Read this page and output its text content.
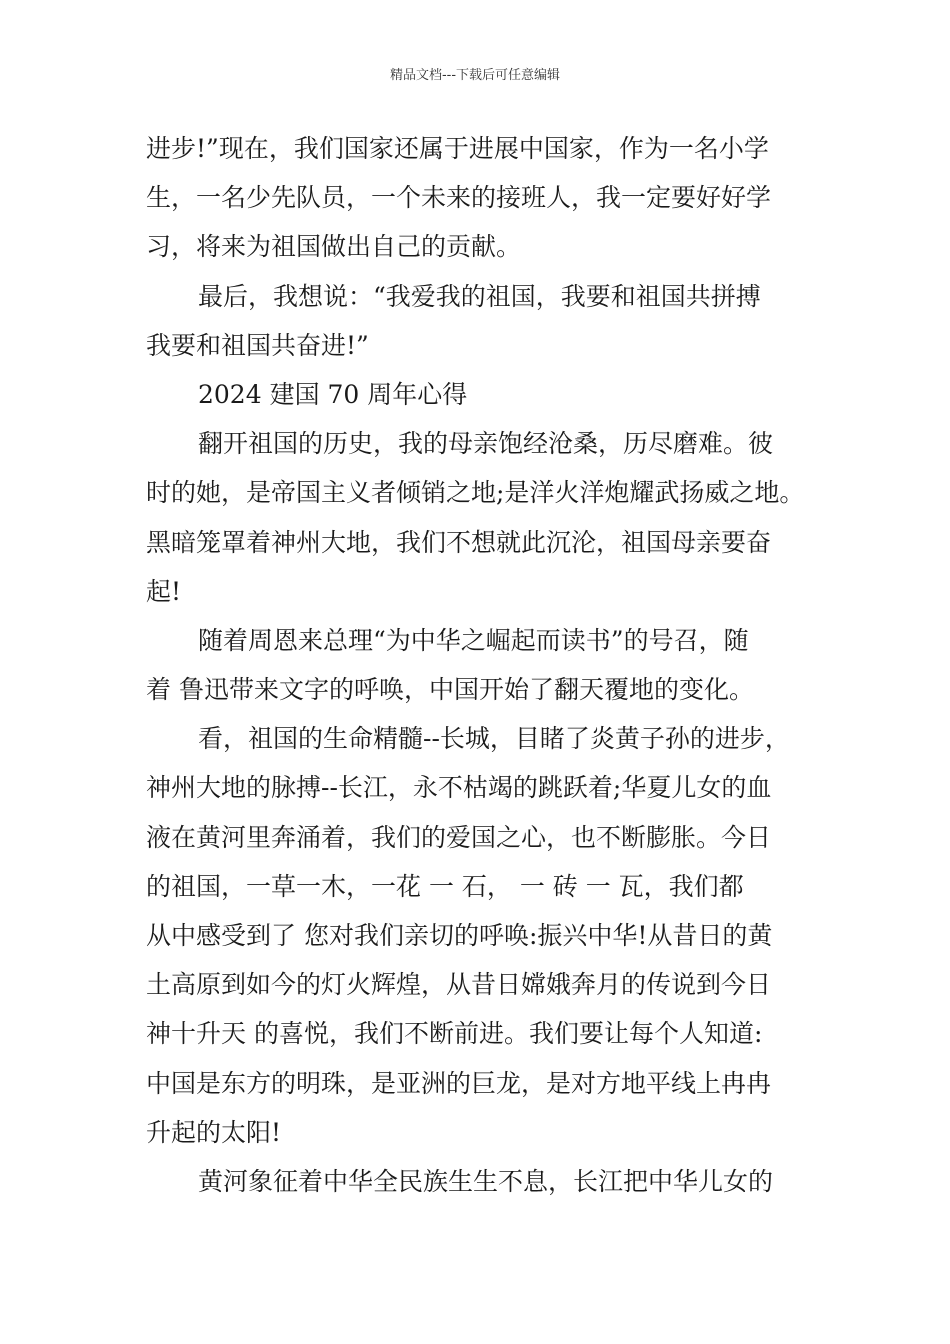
精品文档---下载后可任意编辑
进步!”现在，我们国家还属于进展中国家，作为一名小学
生，一名少先队员，一个未来的接班人，我一定要好好学
习，将来为祖国做出自己的贡献。
最后，我想说：“我爱我的祖国，我要和祖国共拼搏
我要和祖国共奋进!”
2024 建国 70 周年心得
翻开祖国的历史，我的母亲饱经沧桑，历尽磨难。彼
时的她，是帝国主义者倾销之地;是洋火洋炮耀武扬威之地。
黑暗笼罩着神州大地，我们不想就此沉沦，祖国母亲要奋
起!
随着周恩来总理“为中华之崛起而读书”的号召，随
着 鲁迅带来文字的呼唤，中国开始了翻天覆地的变化。
看，祖国的生命精髓--长城，目睹了炎黄子孙的进步，
神州大地的脉搏--长江，永不枯竭的跳跃着;华夏儿女的血
液在黄河里奔涌着，我们的爱国之心，也不断膨胀。今日
的祖国，一草一木，一花 一 石， 一 砖 一 瓦，我们都
从中感受到了 您对我们亲切的呼唤:振兴中华!从昔日的黄
土高原到如今的灯火辉煌，从昔日嫦娥奔月的传说到今日
神十升天 的喜悦，我们不断前进。我们要让每个人知道:
中国是东方的明珠，是亚洲的巨龙，是对方地平线上冉冉
升起的太阳!
黄河象征着中华全民族生生不息，长江把中华儿女的
